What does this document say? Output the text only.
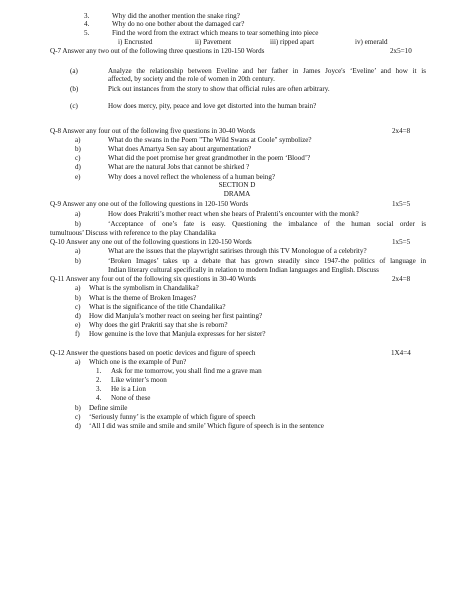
3.	Why did the another mention the snake ring?
4.	Why do no one bother about the damaged car?
5.	Find the word from the extract which means to tear something into piece
i) Encrusted	ii) Pavement	iii) ripped apart	iv) emerald
Q-7 Answer any two out of the following three questions in 120-150 Words	2x5=10
(a)	Analyze the relationship between Eveline and her father in James Joyce's ‘Eveline’ and how it is
affected, by society and the role of women in 20th century.
(b)	Pick out instances from the story to show that official rules are often arbitrary.
(c)	How does mercy, pity, peace and love get distorted into the human brain?
Q-8 Answer any four out of the following five questions in 30-40 Words	2x4=8
a)	What do the swans in the Poem "The Wild Swans at Coole" symbolize?
b)	What does Amartya Sen say about argumentation?
c)	What did the poet promise her great grandmother in the poem ‘Blood’?
d)	What are the natural Jobs that cannot be shirked ?
e)	Why does a novel reflect the wholeness of a human being?
SECTION D
DRAMA
Q-9 Answer any one out of the following questions in 120-150 Words	1x5=5
a)	How does Prakriti’s mother react when she hears of Pralenti’s encounter with the monk?
b)	‘Acceptance of one’s fate is easy. Questioning the imbalance of the human social order is
tumultuous’ Discuss with reference to the play Chandalika
Q-10 Answer any one out of the following questions in 120-150 Words	1x5=5
a)	What are the issues that the playwright satirises through this TV Monologue of a celebrity?
b)	‘Broken Images’ takes up a debate that has grown steadily since 1947-the politics of language in
Indian literary cultural specifically in relation to modern Indian languages and English. Discuss
Q-11 Answer any four out of the following six questions in 30-40 Words	2x4=8
a) What is the symbolism in Chandalika?
b) What is the theme of Broken Images?
c) What is the significance of the title Chandalika?
d) How did Manjula’s mother react on seeing her first painting?
e) Why does the girl Prakriti say that she is reborn?
f) How genuine is the love that Manjula expresses for her sister?
Q-12 Answer the questions based on poetic devices and figure of speech	1X4=4
a) Which one is the example of Pun?
1. Ask for me tomorrow, you shall find me a grave man
2. Like winter’s moon
3. He is a Lion
4. None of these
b) Define simile
c) ‘Seriously funny’ is the example of which figure of speech
d) ‘All I did was smile and smile and smile’ Which figure of speech is in the sentence
